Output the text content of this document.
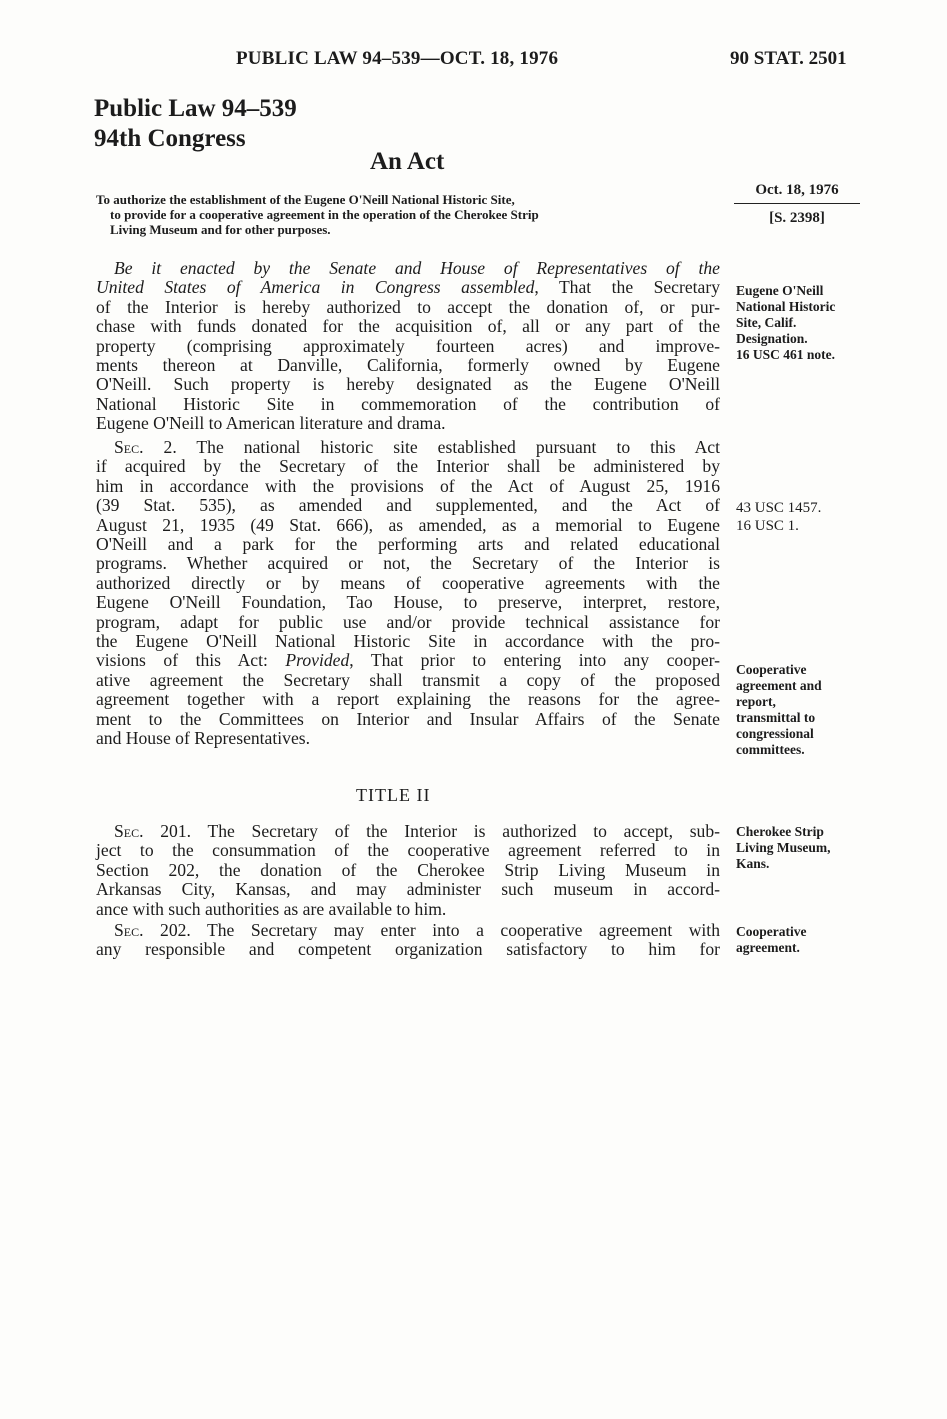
PUBLIC LAW 94–539—OCT. 18, 1976	90 STAT. 2501
Public Law 94–539
94th Congress
An Act
To authorize the establishment of the Eugene O'Neill National Historic Site,
to provide for a cooperative agreement in the operation of the Cherokee Strip
Living Museum and for other purposes.
Oct. 18, 1976
[S. 2398]
Be it enacted by the Senate and House of Representatives of the
United States of America in Congress assembled, That the Secretary
of the Interior is hereby authorized to accept the donation of, or pur-
chase with funds donated for the acquisition of, all or any part of the
property (comprising approximately fourteen acres) and improve-
ments thereon at Danville, California, formerly owned by Eugene
O'Neill. Such property is hereby designated as the Eugene O'Neill
National Historic Site in commemoration of the contribution of
Eugene O'Neill to American literature and drama.
Sec. 2. The national historic site established pursuant to this Act
if acquired by the Secretary of the Interior shall be administered by
him in accordance with the provisions of the Act of August 25, 1916
(39 Stat. 535), as amended and supplemented, and the Act of
August 21, 1935 (49 Stat. 666), as amended, as a memorial to Eugene
O'Neill and a park for the performing arts and related educational
programs. Whether acquired or not, the Secretary of the Interior is
authorized directly or by means of cooperative agreements with the
Eugene O'Neill Foundation, Tao House, to preserve, interpret, restore,
program, adapt for public use and/or provide technical assistance for
the Eugene O'Neill National Historic Site in accordance with the pro-
visions of this Act: Provided, That prior to entering into any cooper-
ative agreement the Secretary shall transmit a copy of the proposed
agreement together with a report explaining the reasons for the agree-
ment to the Committees on Interior and Insular Affairs of the Senate
and House of Representatives.
TITLE II
Sec. 201. The Secretary of the Interior is authorized to accept, sub-
ject to the consummation of the cooperative agreement referred to in
Section 202, the donation of the Cherokee Strip Living Museum in
Arkansas City, Kansas, and may administer such museum in accord-
ance with such authorities as are available to him.
Sec. 202. The Secretary may enter into a cooperative agreement with
any responsible and competent organization satisfactory to him for
Eugene O'Neill
National Historic
Site, Calif.
Designation.
16 USC 461 note.
43 USC 1457.
16 USC 1.
Cooperative
agreement and
report,
transmittal to
congressional
committees.
Cherokee Strip
Living Museum,
Kans.
Cooperative
agreement.
